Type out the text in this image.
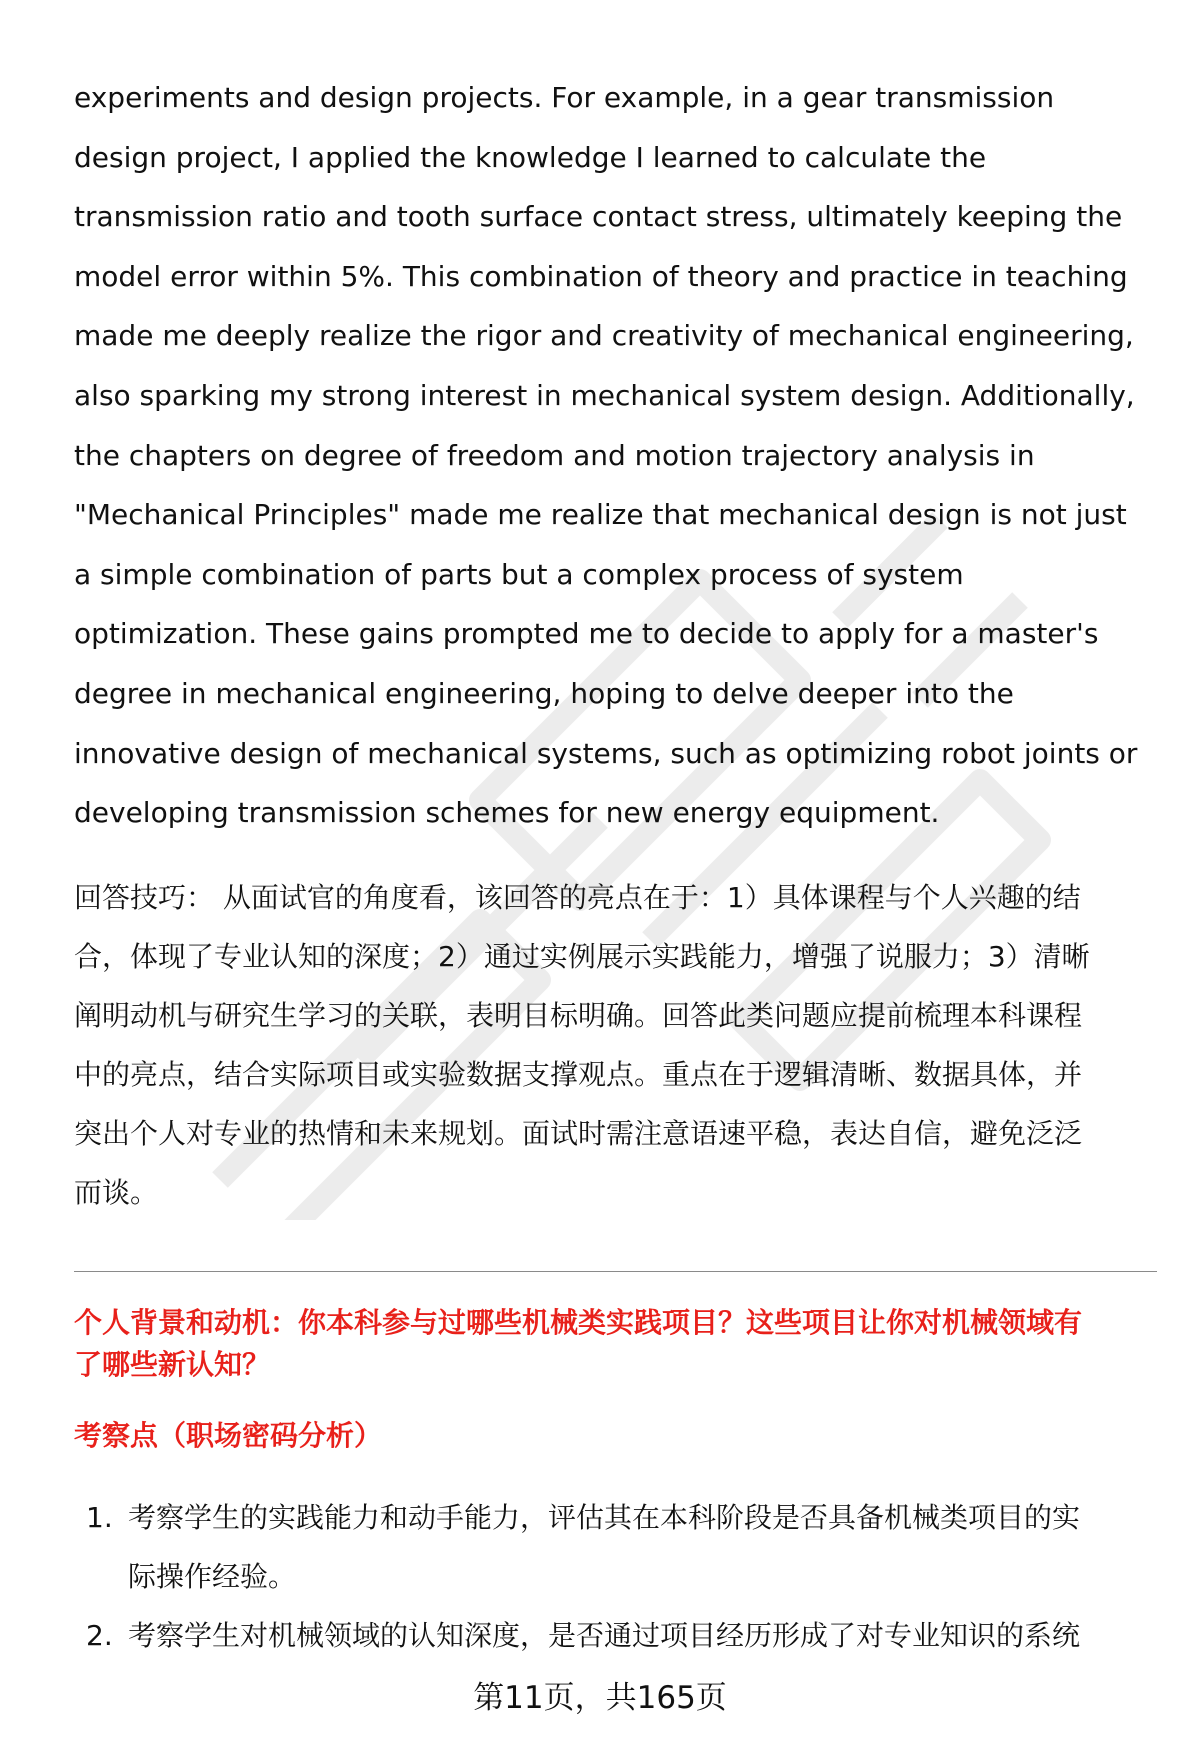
experiments and design projects. For example, in a gear transmission
design project, I applied the knowledge I learned to calculate the
transmission ratio and tooth surface contact stress, ultimately keeping the
model error within 5%. This combination of theory and practice in teaching
made me deeply realize the rigor and creativity of mechanical engineering,
also sparking my strong interest in mechanical system design. Additionally,
the chapters on degree of freedom and motion trajectory analysis in
"Mechanical Principles" made me realize that mechanical design is not just
a simple combination of parts but a complex process of system
optimization. These gains prompted me to decide to apply for a master's
degree in mechanical engineering, hoping to delve deeper into the
innovative design of mechanical systems, such as optimizing robot joints or
developing transmission schemes for new energy equipment.

回答技巧： 从面试官的角度看，该回答的亮点在于：1）具体课程与个人兴趣的结
合，体现了专业认知的深度；2）通过实例展示实践能力，增强了说服力；3）清晰
阐明动机与研究生学习的关联，表明目标明确。回答此类问题应提前梳理本科课程
中的亮点，结合实际项目或实验数据支撑观点。重点在于逻辑清晰、数据具体，并
突出个人对专业的热情和未来规划。面试时需注意语速平稳，表达自信，避免泛泛
而谈。

个人背景和动机：你本科参与过哪些机械类实践项目？这些项目让你对机械领域有
了哪些新认知？
考察点（职场密码分析）
1. 考察学生的实践能力和动手能力，评估其在本科阶段是否具备机械类项目的实
际操作经验。
2. 考察学生对机械领域的认知深度，是否通过项目经历形成了对专业知识的系统
第11页，共165页
